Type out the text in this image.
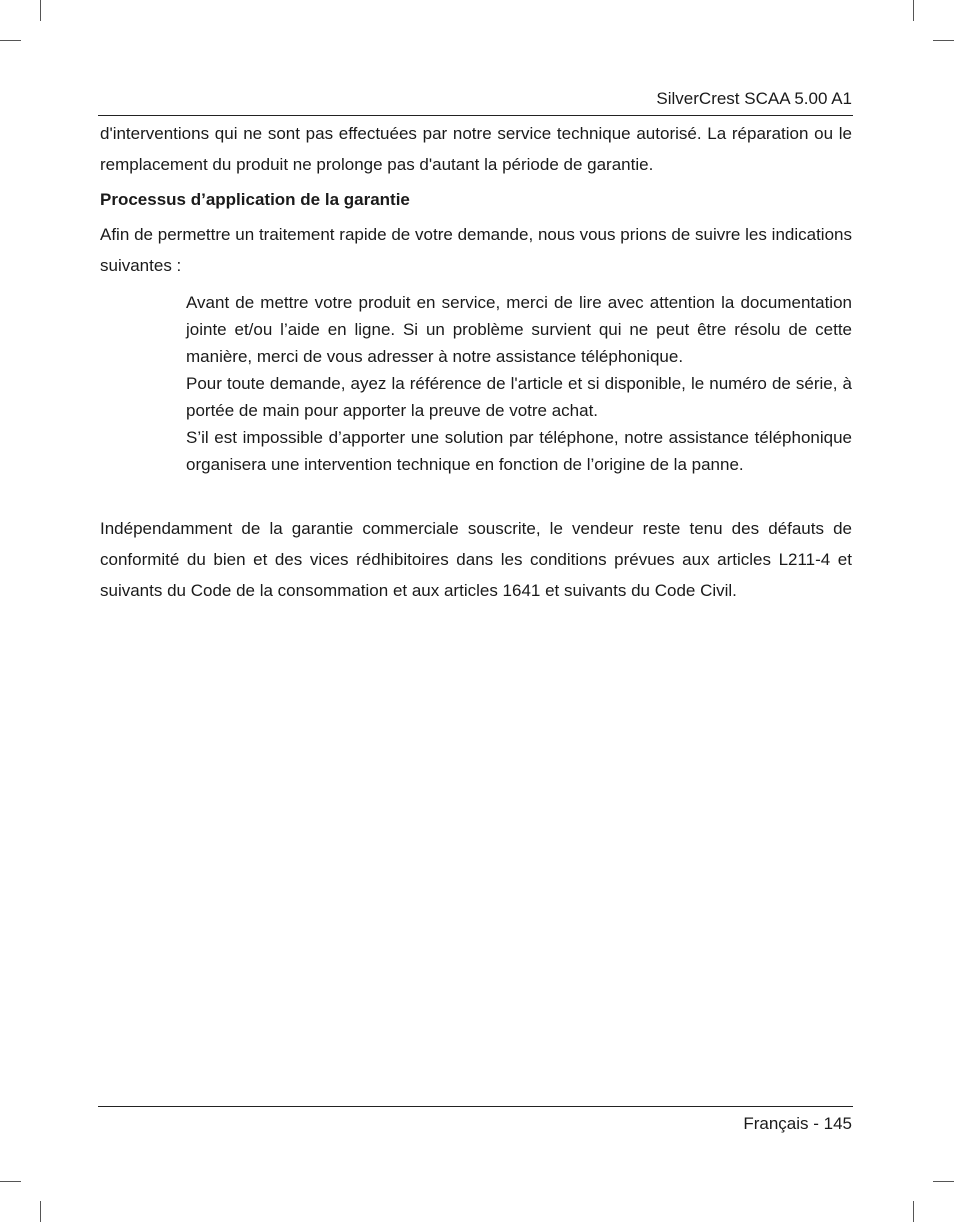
SilverCrest SCAA 5.00 A1

d'interventions qui ne sont pas effectuées par notre service technique autorisé. La réparation ou le remplacement du produit ne prolonge pas d'autant la période de garantie.

Processus d’application de la garantie

Afin de permettre un traitement rapide de votre demande, nous vous prions de suivre les indications suivantes :

Avant de mettre votre produit en service, merci de lire avec attention la documentation jointe et/ou l’aide en ligne. Si un problème survient qui ne peut être résolu de cette manière, merci de vous adresser à notre assistance téléphonique.

Pour toute demande, ayez la référence de l'article et si disponible, le numéro de série, à portée de main pour apporter la preuve de votre achat.

S’il est impossible d’apporter une solution par téléphone, notre assistance téléphonique organisera une intervention technique en fonction de l’origine de la panne.

Indépendamment de la garantie commerciale souscrite, le vendeur reste tenu des défauts de conformité du bien et des vices rédhibitoires dans les conditions prévues aux articles L211-4 et suivants du Code de la consommation et aux articles 1641 et suivants du Code Civil.

Français - 145
